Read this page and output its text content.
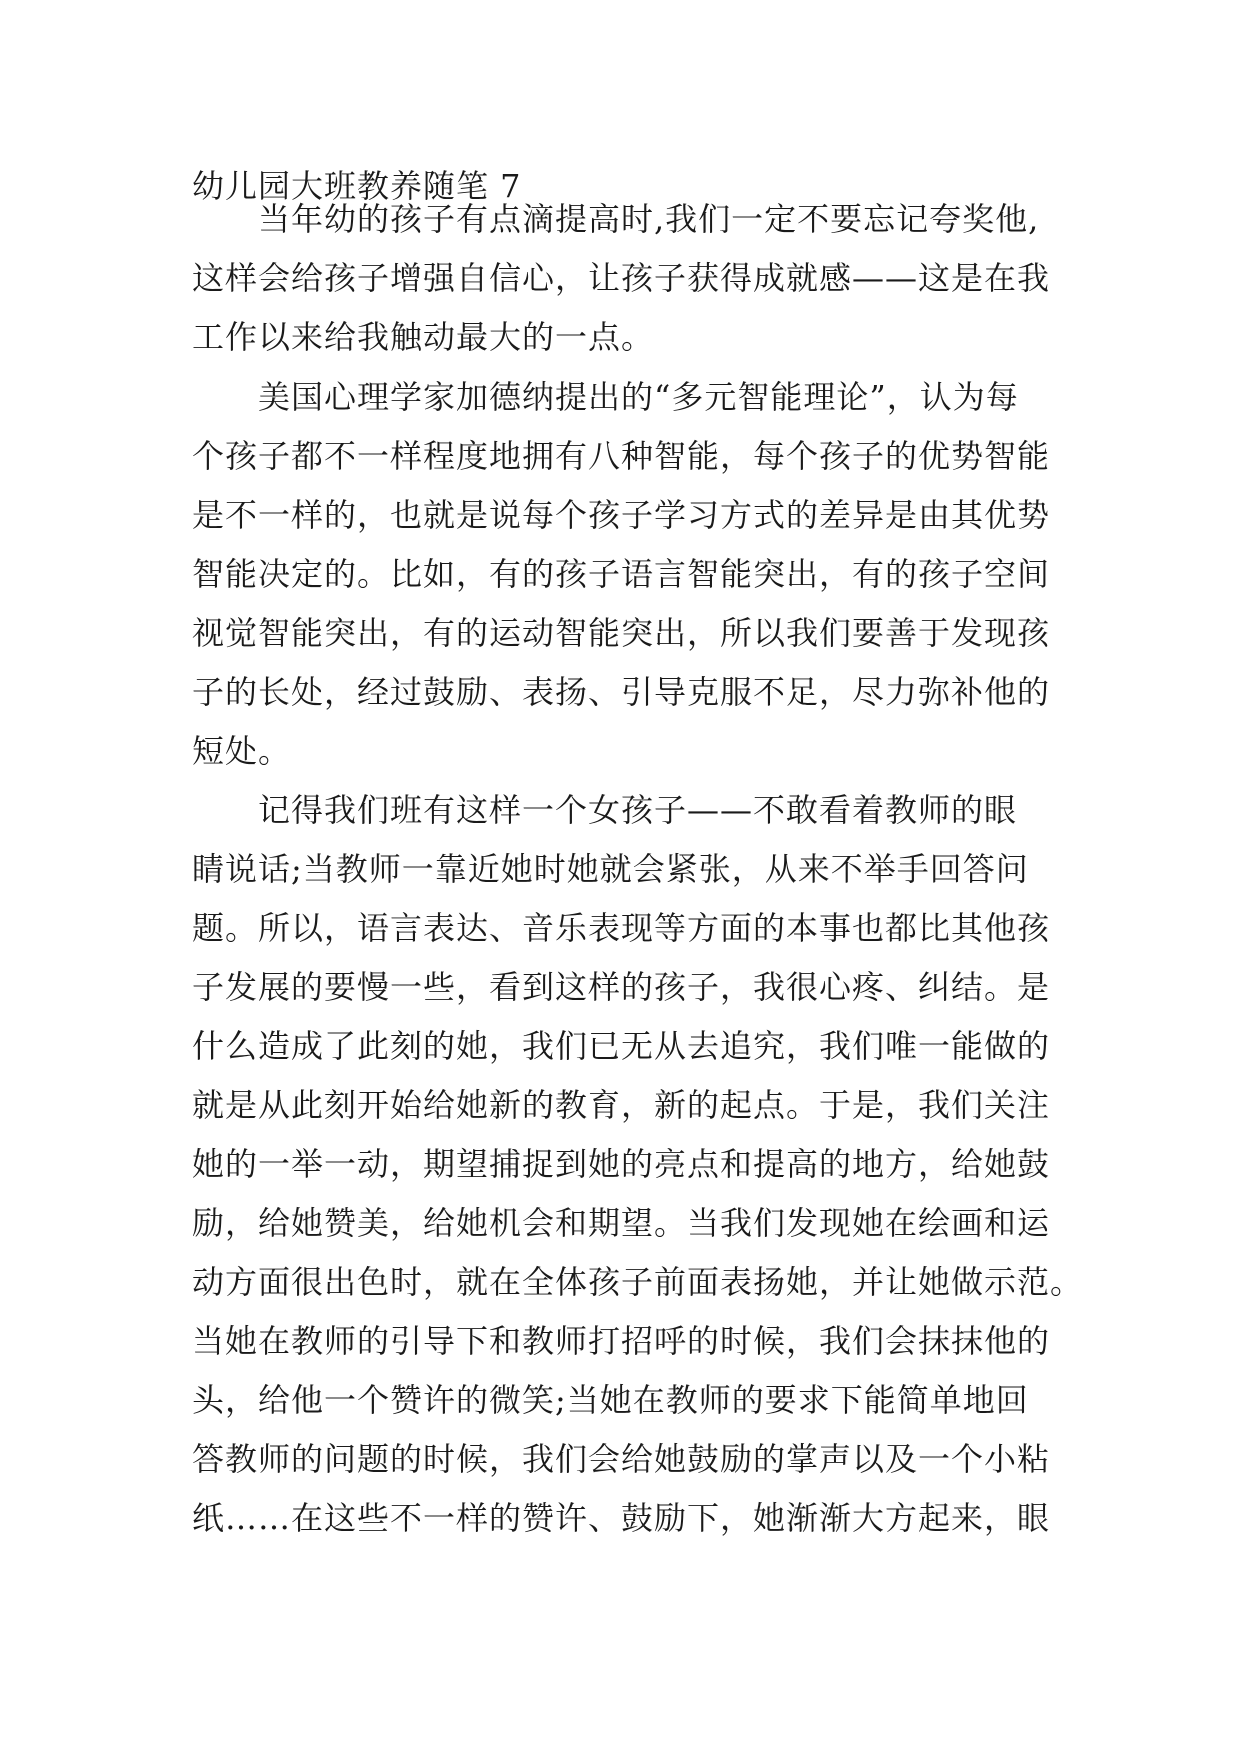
幼儿园大班教养随笔 7
当年幼的孩子有点滴提高时,我们一定不要忘记夸奖他,
这样会给孩子增强自信心，让孩子获得成就感——这是在我
工作以来给我触动最大的一点。
美国心理学家加德纳提出的“多元智能理论”，认为每
个孩子都不一样程度地拥有八种智能，每个孩子的优势智能
是不一样的，也就是说每个孩子学习方式的差异是由其优势
智能决定的。比如，有的孩子语言智能突出，有的孩子空间
视觉智能突出，有的运动智能突出，所以我们要善于发现孩
子的长处，经过鼓励、表扬、引导克服不足，尽力弥补他的
短处。
记得我们班有这样一个女孩子——不敢看着教师的眼
睛说话;当教师一靠近她时她就会紧张，从来不举手回答问
题。所以，语言表达、音乐表现等方面的本事也都比其他孩
子发展的要慢一些，看到这样的孩子，我很心疼、纠结。是
什么造成了此刻的她，我们已无从去追究，我们唯一能做的
就是从此刻开始给她新的教育，新的起点。于是，我们关注
她的一举一动，期望捕捉到她的亮点和提高的地方，给她鼓
励，给她赞美，给她机会和期望。当我们发现她在绘画和运
动方面很出色时，就在全体孩子前面表扬她，并让她做示范。
当她在教师的引导下和教师打招呼的时候，我们会抹抹他的
头，给他一个赞许的微笑;当她在教师的要求下能简单地回
答教师的问题的时候，我们会给她鼓励的掌声以及一个小粘
纸……在这些不一样的赞许、鼓励下，她渐渐大方起来，眼
